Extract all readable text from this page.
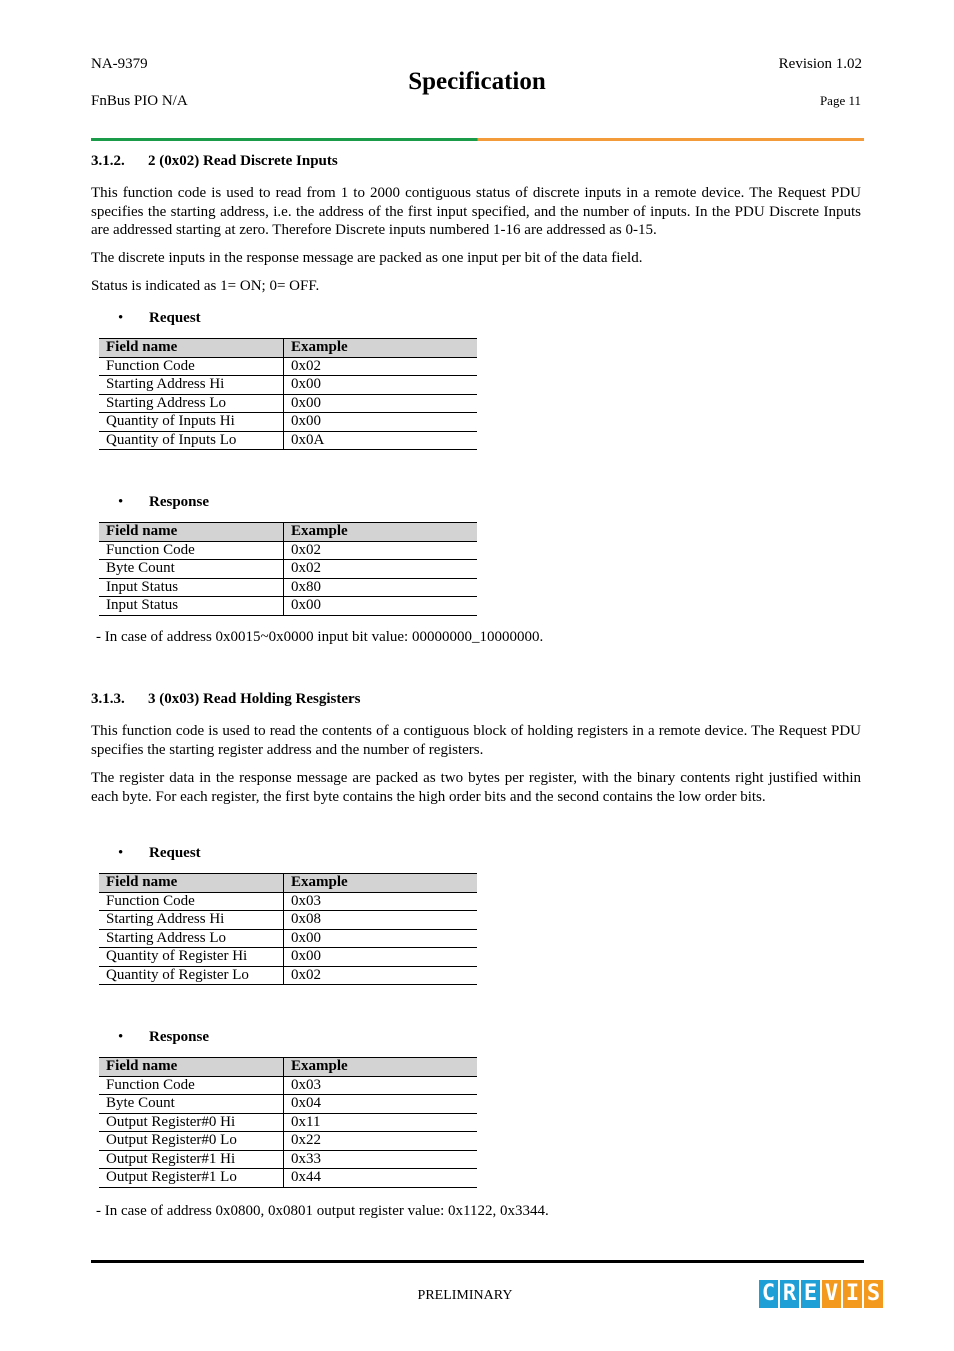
NA-9379	Revision 1.02
FnBus PIO N/A	Page 11
Specification
3.1.2. 2 (0x02) Read Discrete Inputs
This function code is used to read from 1 to 2000 contiguous status of discrete inputs in a remote device. The Request PDU specifies the starting address, i.e. the address of the first input specified, and the number of inputs. In the PDU Discrete Inputs are addressed starting at zero. Therefore Discrete inputs numbered 1-16 are addressed as 0-15.
The discrete inputs in the response message are packed as one input per bit of the data field.
Status is indicated as 1= ON; 0= OFF.
• Request
Field name	Example
Function Code	0x02
Starting Address Hi	0x00
Starting Address Lo	0x00
Quantity of Inputs Hi	0x00
Quantity of Inputs Lo	0x0A
• Response
Field name	Example
Function Code	0x02
Byte Count	0x02
Input Status	0x80
Input Status	0x00
- In case of address 0x0015~0x0000 input bit value: 00000000_10000000.
3.1.3. 3 (0x03) Read Holding Resgisters
This function code is used to read the contents of a contiguous block of holding registers in a remote device. The Request PDU specifies the starting register address and the number of registers.
The register data in the response message are packed as two bytes per register, with the binary contents right justified within each byte. For each register, the first byte contains the high order bits and the second contains the low order bits.
• Request
Field name	Example
Function Code	0x03
Starting Address Hi	0x08
Starting Address Lo	0x00
Quantity of Register Hi	0x00
Quantity of Register Lo	0x02
• Response
Field name	Example
Function Code	0x03
Byte Count	0x04
Output Register#0 Hi	0x11
Output Register#0 Lo	0x22
Output Register#1 Hi	0x33
Output Register#1 Lo	0x44
- In case of address 0x0800, 0x0801 output register value: 0x1122, 0x3344.
PRELIMINARY	C R E V I S
